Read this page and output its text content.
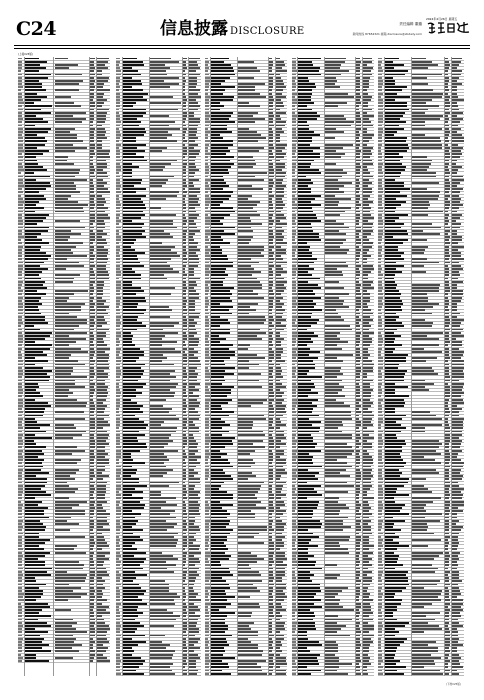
C24	信息披露 DISCLOSURE
责任编辑 董璐
新闻热线 87654321 邮箱 disclosure@xbdaily.com
2024年4月26日 星期五
(上接C23版)
(下转C25版)
